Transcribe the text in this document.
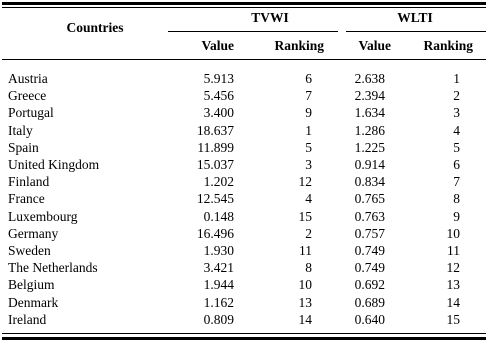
Countries
TVWI	WLTI
Value	Ranking	Value	Ranking
Austria	5.913	6	2.638	1
Greece	5.456	7	2.394	2
Portugal	3.400	9	1.634	3
Italy	18.637	1	1.286	4
Spain	11.899	5	1.225	5
United Kingdom	15.037	3	0.914	6
Finland	1.202	12	0.834	7
France	12.545	4	0.765	8
Luxembourg	0.148	15	0.763	9
Germany	16.496	2	0.757	10
Sweden	1.930	11	0.749	11
The Netherlands	3.421	8	0.749	12
Belgium	1.944	10	0.692	13
Denmark	1.162	13	0.689	14
Ireland	0.809	14	0.640	15
